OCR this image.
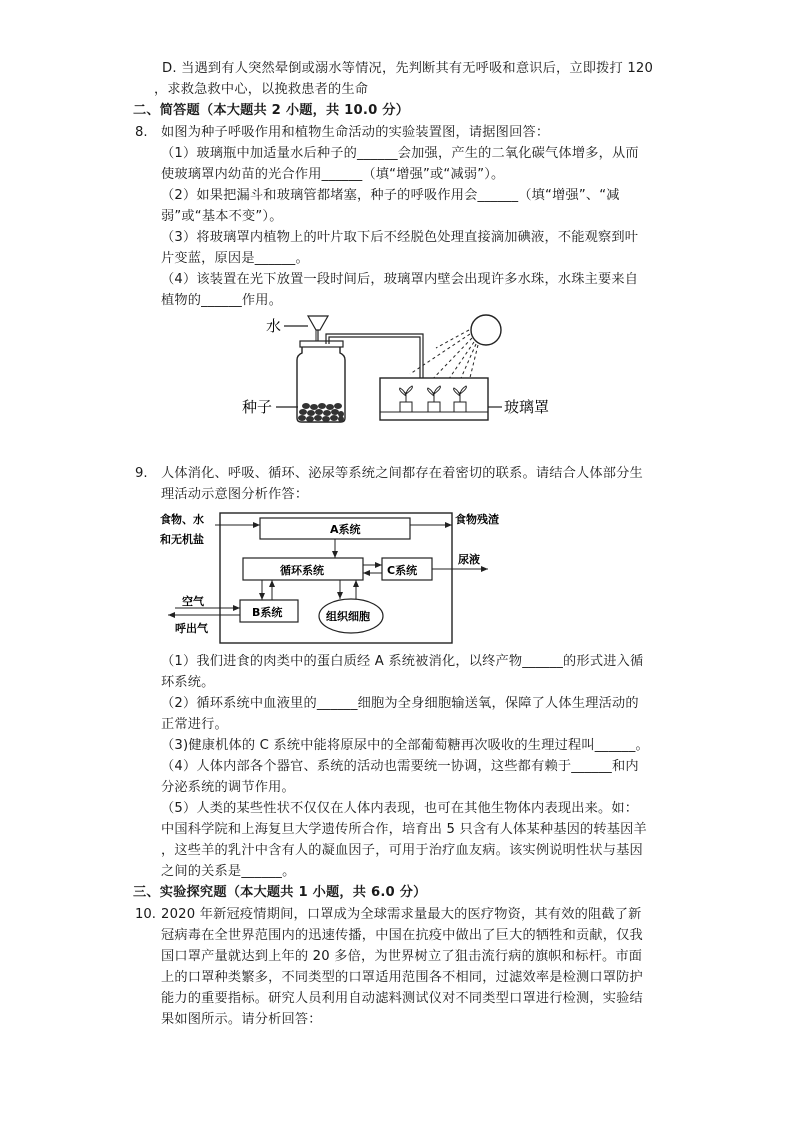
D. 当遇到有人突然晕倒或溺水等情况，先判断其有无呼吸和意识后，立即拨打 120
，求救急救中心，以挽救患者的生命
二、简答题（本大题共 2 小题，共 10.0 分）
8. 如图为种子呼吸作用和植物生命活动的实验装置图，请据图回答：
（1）玻璃瓶中加适量水后种子的______会加强，产生的二氧化碳气体增多，从而
使玻璃罩内幼苗的光合作用______（填“增强”或“减弱”）。
（2）如果把漏斗和玻璃管都堵塞，种子的呼吸作用会______（填“增强”、“减
弱”或“基本不变”）。
（3）将玻璃罩内植物上的叶片取下后不经脱色处理直接滴加碘液，不能观察到叶
片变蓝，原因是______。
（4）该装置在光下放置一段时间后，玻璃罩内壁会出现许多水珠，水珠主要来自
植物的______作用。
水
种子	玻璃罩
9. 人体消化、呼吸、循环、泌尿等系统之间都存在着密切的联系。请结合人体部分生
理活动示意图分析作答：
食物、水
和无机盐
A系统
食物残渣
循环系统	C系统
尿液
B系统
空气
呼出气
组织细胞
（1）我们进食的肉类中的蛋白质经 A 系统被消化，以终产物______的形式进入循
环系统。
（2）循环系统中血液里的______细胞为全身细胞输送氧，保障了人体生理活动的
正常进行。
（3)健康机体的 C 系统中能将原尿中的全部葡萄糖再次吸收的生理过程叫______。
（4）人体内部各个器官、系统的活动也需要统一协调，这些都有赖于______和内
分泌系统的调节作用。
（5）人类的某些性状不仅仅在人体内表现，也可在其他生物体内表现出来。如：
中国科学院和上海复旦大学遗传所合作，培育出 5 只含有人体某种基因的转基因羊
，这些羊的乳汁中含有人的凝血因子，可用于治疗血友病。该实例说明性状与基因
之间的关系是______。
三、实验探究题（本大题共 1 小题，共 6.0 分）
10. 2020 年新冠疫情期间，口罩成为全球需求量最大的医疗物资，其有效的阻截了新
冠病毒在全世界范围内的迅速传播，中国在抗疫中做出了巨大的牺牲和贡献，仅我
国口罩产量就达到上年的 20 多倍，为世界树立了狙击流行病的旗帜和标杆。市面
上的口罩种类繁多，不同类型的口罩适用范围各不相同，过滤效率是检测口罩防护
能力的重要指标。研究人员利用自动滤料测试仪对不同类型口罩进行检测，实验结
果如图所示。请分析回答：
